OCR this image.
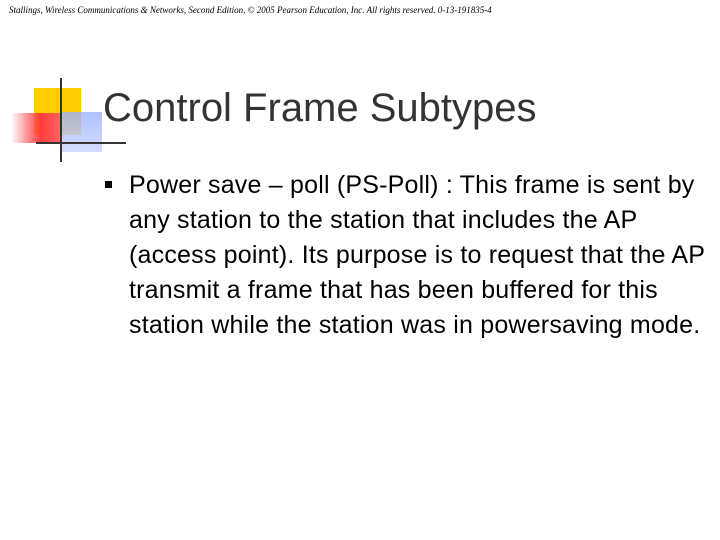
Stallings, Wireless Communications & Networks, Second Edition, © 2005 Pearson Education, Inc. All rights reserved. 0-13-191835-4
Control Frame Subtypes
Power save – poll (PS-Poll) : This frame is sent by any station to the station that includes the AP (access point). Its purpose is to request that the AP transmit a frame that has been buffered for this station while the station was in powersaving mode.
